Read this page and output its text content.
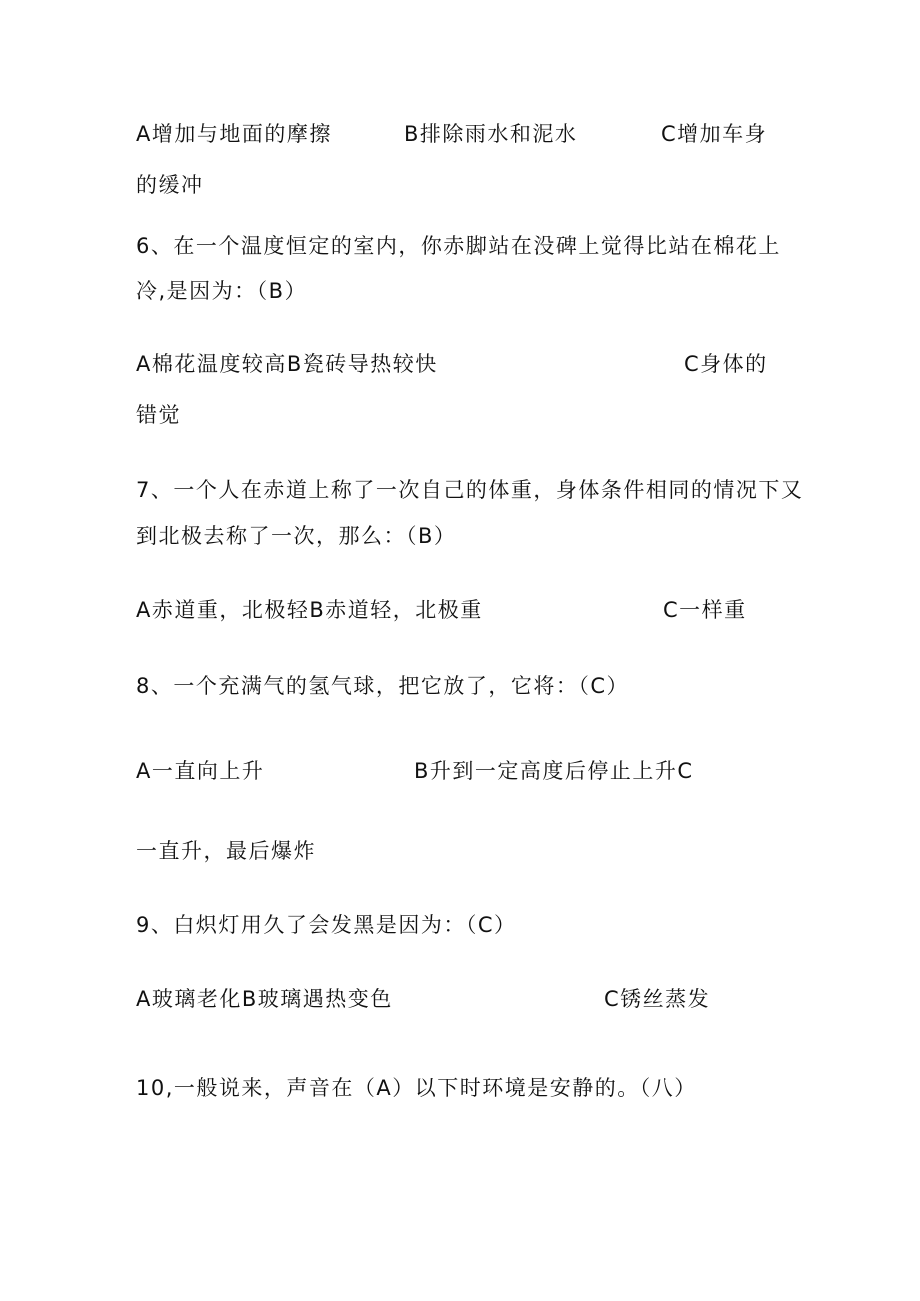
A增加与地面的摩擦	B排除雨水和泥水	C增加车身
的缓冲
6、在一个温度恒定的室内，你赤脚站在没碑上觉得比站在棉花上
冷,是因为：（B）
A棉花温度较高B瓷砖导热较快	C身体的
错觉
7、一个人在赤道上称了一次自己的体重，身体条件相同的情况下又
到北极去称了一次，那么：（B）
A赤道重，北极轻B赤道轻，北极重	C一样重
8、一个充满气的氢气球，把它放了，它将：（C）
A一直向上升	B升到一定高度后停止上升C
一直升，最后爆炸
9、白炽灯用久了会发黑是因为：（C）
A玻璃老化B玻璃遇热变色	C锈丝蒸发
10,一般说来，声音在（A）以下时环境是安静的。（八）
